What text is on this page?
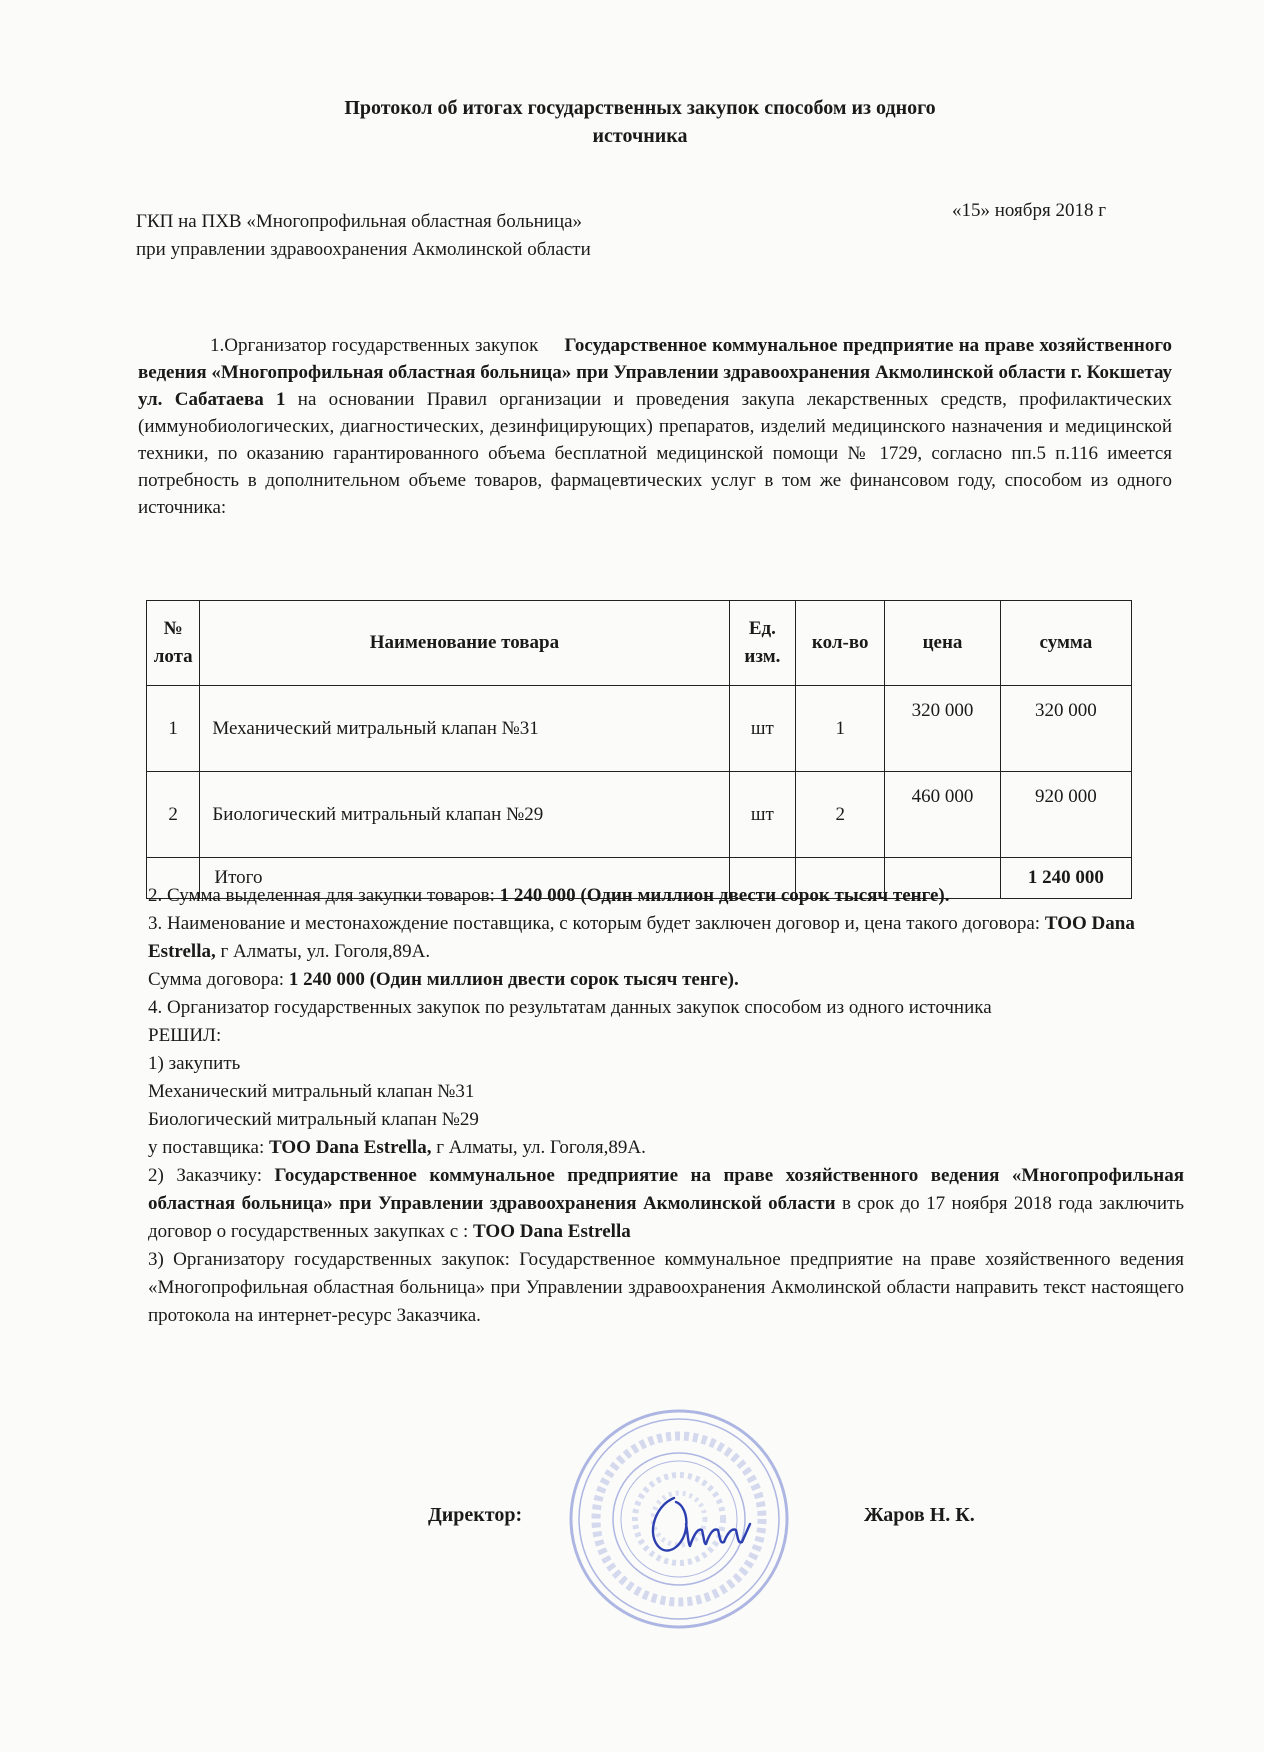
Протокол об итогах государственных закупок способом из одного
источника
ГКП на ПХВ «Многопрофильная областная больница»
при управлении здравоохранения Акмолинской области
«15» ноября 2018 г
1.Организатор государственных закупок Государственное коммунальное предприятие на праве хозяйственного ведения «Многопрофильная областная больница» при Управлении здравоохранения Акмолинской области г. Кокшетау ул. Сабатаева 1 на основании Правил организации и проведения закупа лекарственных средств, профилактических (иммунобиологических, диагностических, дезинфицирующих) препаратов, изделий медицинского назначения и медицинской техники, по оказанию гарантированного объема бесплатной медицинской помощи № 1729, согласно пп.5 п.116 имеется потребность в дополнительном объеме товаров, фармацевтических услуг в том же финансовом году, способом из одного источника:
№ лота	Наименование товара	Ед. изм.	кол-во	цена	сумма
1	Механический митральный клапан №31	шт	1	320 000	320 000
2	Биологический митральный клапан №29	шт	2	460 000	920 000
	Итого				1 240 000

2. Сумма выделенная для закупки товаров: 1 240 000 (Один миллион двести сорок тысяч тенге).

3. Наименование и местонахождение поставщика, с которым будет заключен договор и, цена такого договора: ТОО Dana Estrella, г Алматы, ул. Гоголя,89А.

Сумма договора: 1 240 000 (Один миллион двести сорок тысяч тенге).

4. Организатор государственных закупок по результатам данных закупок способом из одного источника

РЕШИЛ:

1) закупить

Механический митральный клапан №31

Биологический митральный клапан №29

у поставщика: ТОО Dana Estrella, г Алматы, ул. Гоголя,89А.

2) Заказчику: Государственное коммунальное предприятие на праве хозяйственного ведения «Многопрофильная областная больница» при Управлении здравоохранения Акмолинской области в срок до 17 ноября 2018 года заключить договор о государственных закупках с : ТОО Dana Estrella

3) Организатору государственных закупок: Государственное коммунальное предприятие на праве хозяйственного ведения «Многопрофильная областная больница» при Управлении здравоохранения Акмолинской области направить текст настоящего протокола на интернет-ресурс Заказчика.

Директор:	Жаров Н. К.
